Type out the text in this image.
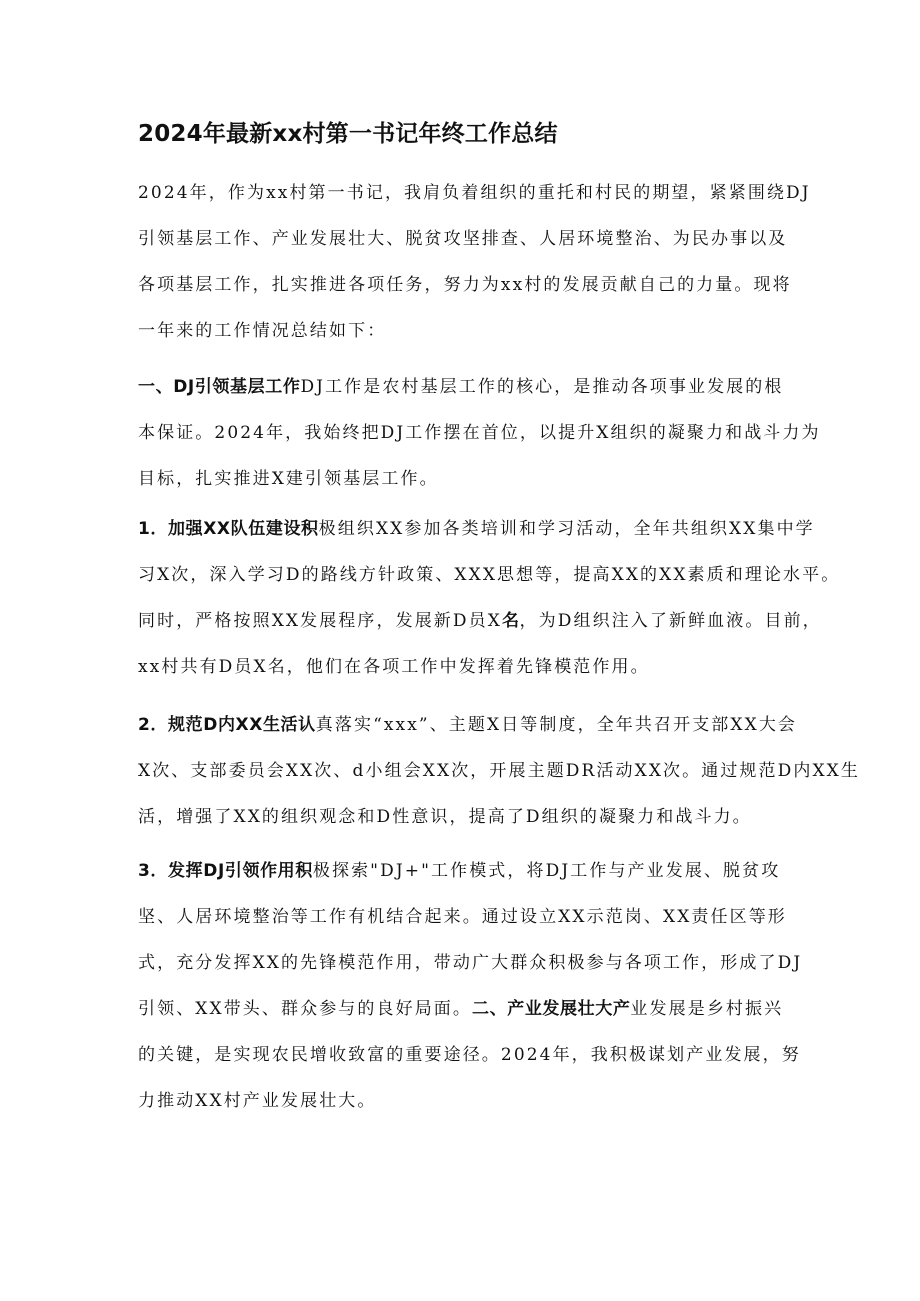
2024年最新xx村第一书记年终工作总结
2024年，作为xx村第一书记，我肩负着组织的重托和村民的期望，紧紧围绕DJ
引领基层工作、产业发展壮大、脱贫攻坚排查、人居环境整治、为民办事以及
各项基层工作，扎实推进各项任务，努力为xx村的发展贡献自己的力量。现将
一年来的工作情况总结如下：
一、DJ引领基层工作DJ工作是农村基层工作的核心，是推动各项事业发展的根
本保证。2024年，我始终把DJ工作摆在首位，以提升X组织的凝聚力和战斗力为
目标，扎实推进X建引领基层工作。
1．加强XX队伍建设积极组织XX参加各类培训和学习活动，全年共组织XX集中学
习X次，深入学习D的路线方针政策、XXX思想等，提高XX的XX素质和理论水平。
同时，严格按照XX发展程序，发展新D员X名，为D组织注入了新鲜血液。目前，
xx村共有D员X名，他们在各项工作中发挥着先锋模范作用。
2．规范D内XX生活认真落实“xxx”、主题X日等制度，全年共召开支部XX大会
X次、支部委员会XX次、d小组会XX次，开展主题DR活动XX次。通过规范D内XX生
活，增强了XX的组织观念和D性意识，提高了D组织的凝聚力和战斗力。
3．发挥DJ引领作用积极探索"DJ+"工作模式，将DJ工作与产业发展、脱贫攻
坚、人居环境整治等工作有机结合起来。通过设立XX示范岗、XX责任区等形
式，充分发挥XX的先锋模范作用，带动广大群众积极参与各项工作，形成了DJ
引领、XX带头、群众参与的良好局面。二、产业发展壮大产业发展是乡村振兴
的关键，是实现农民增收致富的重要途径。2024年，我积极谋划产业发展，努
力推动XX村产业发展壮大。
